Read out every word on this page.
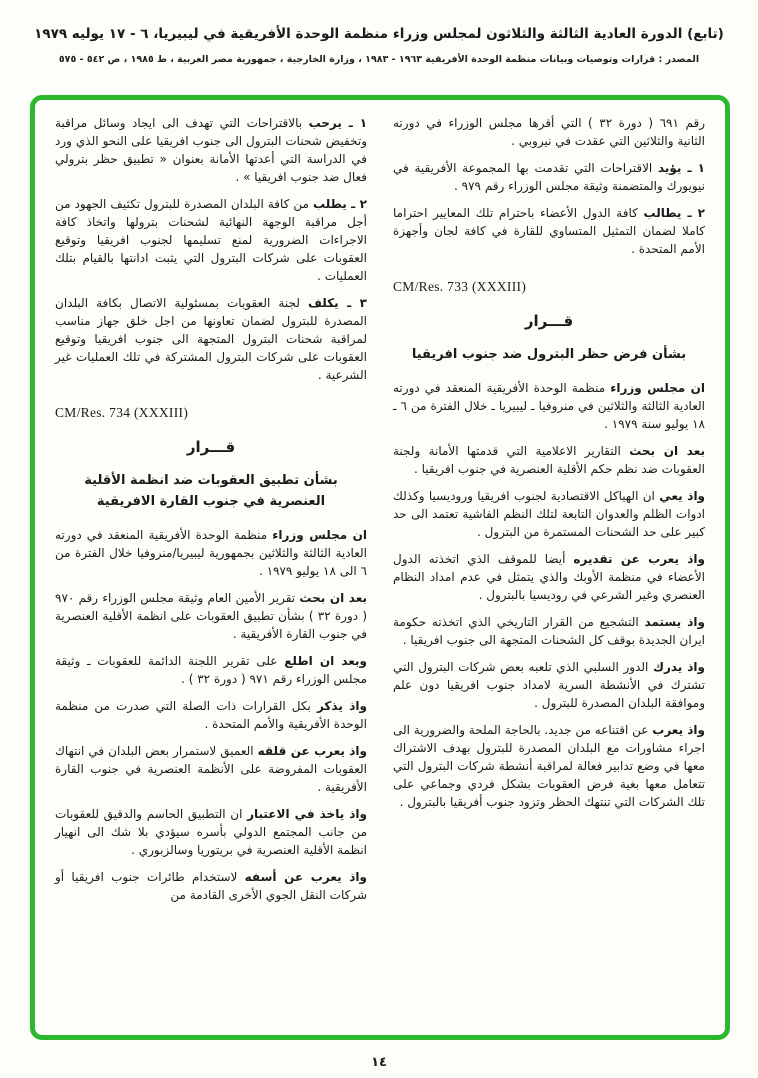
(تابع) الدورة العادية الثالثة والثلاثون لمجلس وزراء منظمة الوحدة الأفريقية في ليبيريا، ٦ - ١٧ يوليه ١٩٧٩
المصدر : قرارات وتوصيات وبيانات منظمة الوحدة الأفريقية ١٩٦٣ - ١٩٨٣ ، وزارة الخارجية ، جمهورية مصر العربية ، ط ١٩٨٥ ، ص ٥٤٢ - ٥٧٥

رقم ٦٩١ ( دورة ٣٢ ) التي أقرها مجلس الوزراء في دورته الثانية والثلاثين التي عقدت في نيروبي .

١ ـ يؤيد الاقتراحات التي تقدمت بها المجموعة الأفريقية في نيويورك والمتضمنة وثيقة مجلس الوزراء رقم ٩٧٩ .

٢ ـ يطالب كافة الدول الأعضاء باحترام تلك المعايير احتراما كاملا لضمان التمثيل المتساوي للقارة في كافة لجان وأجهزة الأمم المتحدة .

CM/Res. 733 (XXXIII)
قـــرار
بشأن فرض حظر البترول ضد جنوب افريقيا

ان مجلس وزراء منظمة الوحدة الأفريقية المنعقد في دورته العادية الثالثة والثلاثين في منروفيا ـ ليبيريا ـ خلال الفترة من ٦ ـ ١٨ يوليو سنة ١٩٧٩ .

بعد ان بحث التقارير الاعلامية التي قدمتها الأمانة ولجنة العقوبات ضد نظم حكم الأقلية العنصرية في جنوب افريقيا .

واذ يعي ان الهياكل الاقتصادية لجنوب افريقيا وروديسيا وكذلك ادوات الظلم والعدوان التابعة لتلك النظم الفاشية تعتمد الى حد كبير على حد الشحنات المستمرة من البترول .

واذ يعرب عن تقديره أيضا للموقف الذي اتخذته الدول الأعضاء في منظمة الأوبك والذي يتمثل في عدم امداد النظام العنصري وغير الشرعي في روديسيا بالبترول .

واذ يستمد التشجيع من القرار التاريخي الذي اتخذته حكومة ايران الجديدة بوقف كل الشحنات المتجهة الى جنوب افريقيا .

واذ يدرك الدور السلبي الذي تلعبه بعض شركات البترول التي تشترك في الأنشطة السرية لامداد جنوب افريقيا دون علم وموافقة البلدان المصدرة للبترول .

واذ يعرب عن اقتناعه من جديد. بالحاجة الملحة والضرورية الى اجراء مشاورات مع البلدان المصدرة للبترول بهدف الاشتراك معها في وضع تدابير فعالة لمراقبة أنشطة شركات البترول التي تتعامل معها بغية فرض العقوبات بشكل فردي وجماعي على تلك الشركات التي تنتهك الحظر وتزود جنوب أفريقيا بالبترول .

١ ـ يرحب بالاقتراحات التي تهدف الى ايجاد وسائل مراقبة وتخفيض شحنات البترول الى جنوب افريقيا على النحو الذي ورد في الدراسة التي أعدتها الأمانة بعنوان « تطبيق حظر بترولي فعال ضد جنوب افريقيا » .

٢ ـ يطلب من كافة البلدان المصدرة للبترول تكثيف الجهود من أجل مراقبة الوجهة النهائية لشحنات بترولها واتخاذ كافة الاجراءات الضرورية لمنع تسليمها لجنوب افريقيا وتوقيع العقوبات على شركات البترول التي يثبت ادانتها بالقيام بتلك العمليات .

٣ ـ يكلف لجنة العقوبات بمسئولية الاتصال بكافة البلدان المصدرة للبترول لضمان تعاونها من اجل خلق جهاز مناسب لمراقبة شحنات البترول المتجهة الى جنوب افريقيا وتوقيع العقوبات على شركات البترول المشتركة في تلك العمليات غير الشرعية .

CM/Res. 734 (XXXIII)
قـــرار
بشأن تطبيق العقوبات ضد انظمة الأقلية العنصرية في جنوب القارة الافريقية

ان مجلس وزراء منظمة الوحدة الأفريقية المنعقد في دورته العادية الثالثة والثلاثين بجمهورية ليبيريا/منروفيا خلال الفترة من ٦ الى ١٨ يوليو ١٩٧٩ .

بعد ان بحث تقرير الأمين العام وثيقة مجلس الوزراء رقم ٩٧٠ ( دورة ٣٢ ) بشأن تطبيق العقوبات على انظمة الأقلية العنصرية في جنوب القارة الأفريقية .

وبعد ان اطلع على تقرير اللجنة الدائمة للعقوبات ـ وثيقة مجلس الوزراء رقم ٩٧١ ( دورة ٣٢ ) .

واذ يذكر بكل القرارات ذات الصلة التي صدرت من منظمة الوحدة الأفريقية والأمم المتحدة .

واذ يعرب عن قلقه العميق لاستمرار بعض البلدان في انتهاك العقوبات المفروضة على الأنظمة العنصرية في جنوب القارة الأفريقية .

واذ ياخذ في الاعتبار ان التطبيق الحاسم والدقيق للعقوبات من جانب المجتمع الدولي بأسره سيؤدي بلا شك الى انهيار انظمة الأقلية العنصرية في بريتوريا وسالزبوري .

واذ يعرب عن أسفه لاستخدام طائرات جنوب افريقيا أو شركات النقل الجوي الأخرى القادمة من

١٤
